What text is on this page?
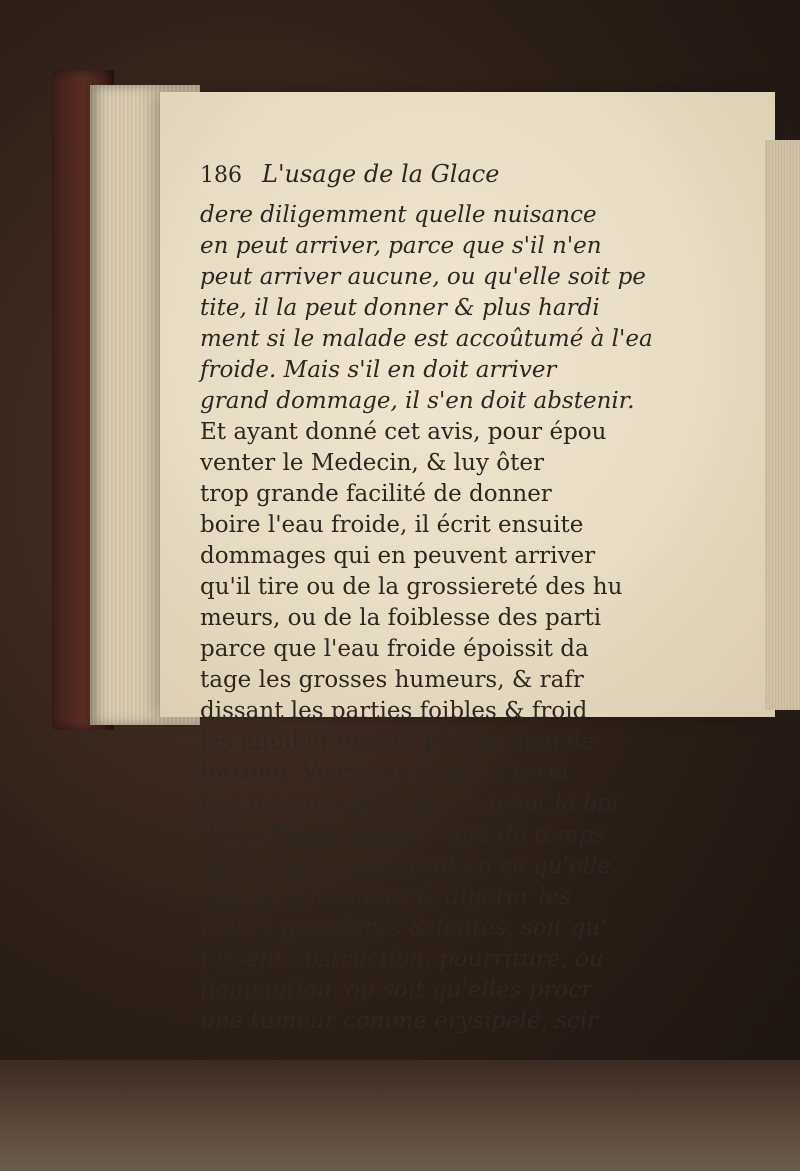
186 L'usage de la Glace
dere diligemment quelle nuisance
en peut arriver, parce que s'il n'en
peut arriver aucune, ou qu'elle soit pe
tite, il la peut donner & plus hardi
ment si le malade est accoûtumé à l'ea
froide. Mais s'il en doit arriver
grand dommage, il s'en doit abstenir.
Et ayant donné cet avis, pour épou
venter le Medecin, & luy ôter
trop grande facilité de donner
boire l'eau froide, il écrit ensuite
dommages qui en peuvent arriver
qu'il tire ou de la grossiereté des hu
meurs, ou de la foiblesse des parti
parce que l'eau froide époissit da
tage les grosses humeurs, & rafr
dissant les parties foibles & froid
les affoiblit encore plus au lieu de
fortifier. Voicy ses propres term
Les incommodités qui suivent la boi
d'eau froide donnée hors de temps
de mesure, consistent en ce qu'elle
pesche d'attenüer & digerer les
meurs grossieres & lentes, soit qu'
fassent obstruction, pourriture, ou
flammation, ou soit qu'elles procr
une tumeur comme erysipelé, scir
